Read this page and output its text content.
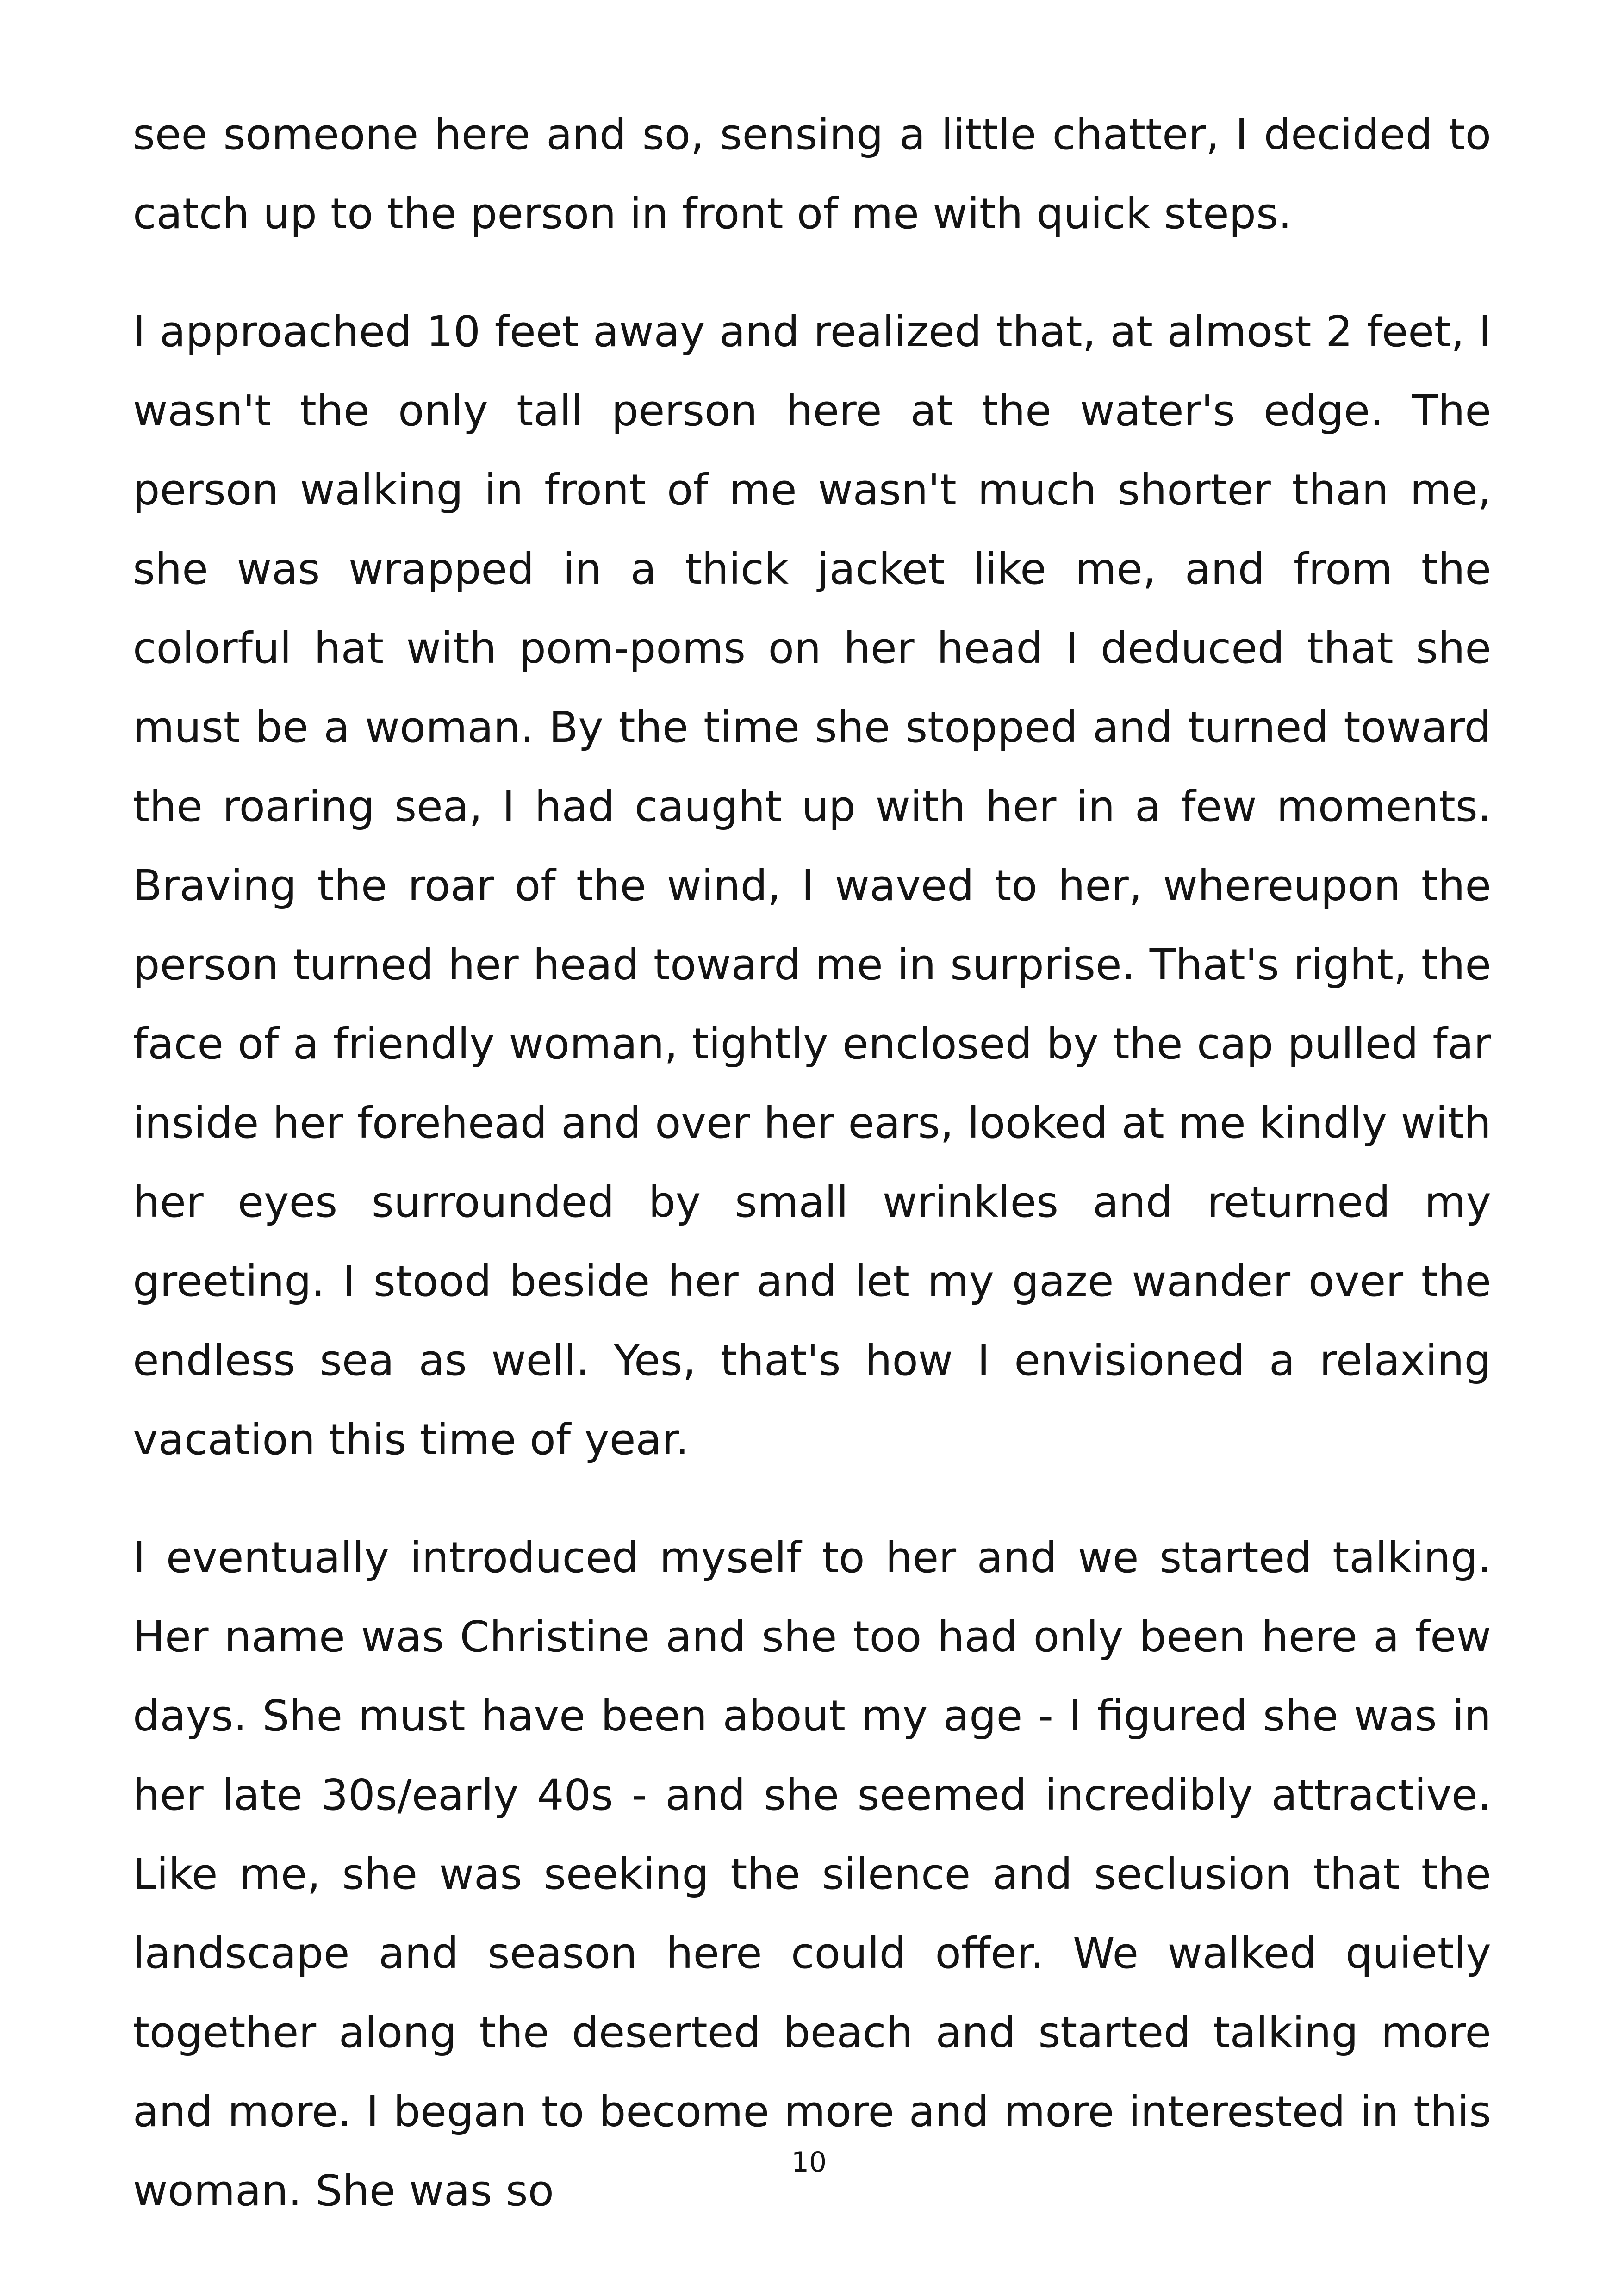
see someone here and so, sensing a little chatter, I decided to catch up to the person in front of me with quick steps.

I approached 10 feet away and realized that, at almost 2 feet, I wasn't the only tall person here at the water's edge. The person walking in front of me wasn't much shorter than me, she was wrapped in a thick jacket like me, and from the colorful hat with pom-poms on her head I deduced that she must be a woman. By the time she stopped and turned toward the roaring sea, I had caught up with her in a few moments. Braving the roar of the wind, I waved to her, whereupon the person turned her head toward me in surprise. That's right, the face of a friendly woman, tightly enclosed by the cap pulled far inside her forehead and over her ears, looked at me kindly with her eyes surrounded by small wrinkles and returned my greeting. I stood beside her and let my gaze wander over the endless sea as well. Yes, that's how I envisioned a relaxing vacation this time of year.

I eventually introduced myself to her and we started talking. Her name was Christine and she too had only been here a few days. She must have been about my age - I figured she was in her late 30s/early 40s - and she seemed incredibly attractive. Like me, she was seeking the silence and seclusion that the landscape and season here could offer. We walked quietly together along the deserted beach and started talking more and more. I began to become more and more interested in this woman. She was so

10
